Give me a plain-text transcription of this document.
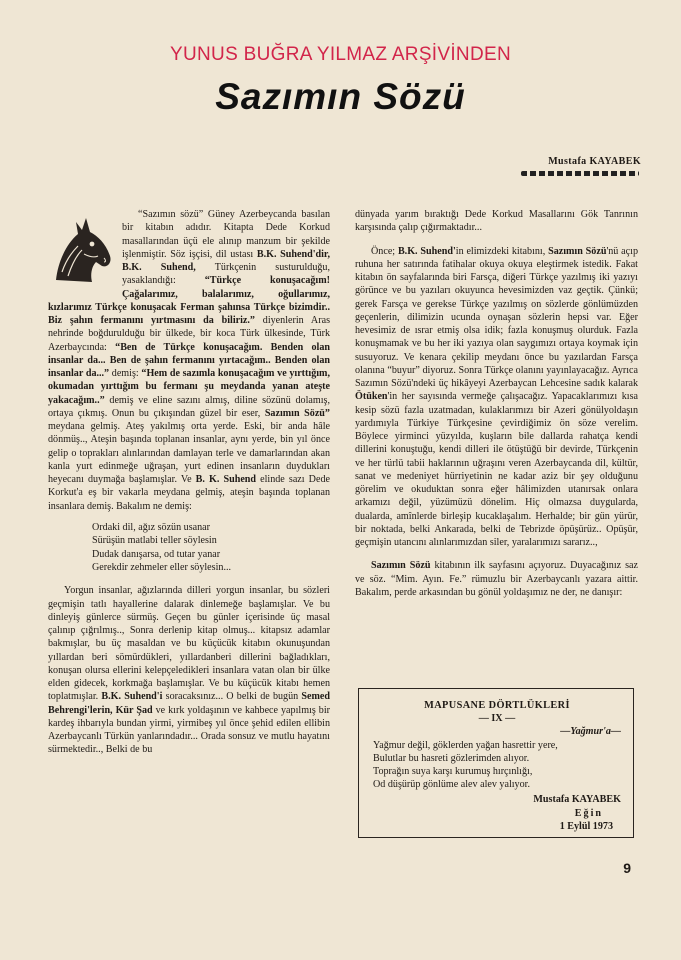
YUNUS BUĞRA YILMAZ ARŞİVİNDEN
Sazımın Sözü
Mustafa KAYABEK

“Sazımın sözü” Güney Azerbeycanda basılan bir kitabın adıdır. Kitapta Dede Korkud masallarından üçü ele alınıp manzum bir şekilde işlenmiştir. Söz işçisi, dil ustası B.K. Suhend'dir, B.K. Suhend, Türkçenin susturulduğu, yasaklandığı: “Türkçe konuşacağım! Çağalarımız, balalarımız, oğullarımız, kızlarımız Türkçe konuşacak Ferman şahınsa Türkçe bizimdir.. Biz şahın fermanını yırtmasını da biliriz.” diyenlerin Aras nehrinde boğdurulduğu bir ülkede, bir koca Türk ülkesinde, Türk Azerbaycında: “Ben de Türkçe konuşacağım. Benden olan insanlar da... Ben de şahın fermanını yırtacağım.. Benden olan insanlar da...” demiş: “Hem de sazımla konuşacağım ve yırttığım, okumadan yırttığım bu fermanı şu meydanda yanan ateşte yakacağım..” demiş ve eline sazını almış, diline sözünü dolamış, ortaya çıkmış. Onun bu çıkışından güzel bir eser, Sazımın Sözü” meydana gelmiş. Ateş yakılmış orta yerde. Eski, bir anda hâle dönmüş.., Ateşin başında toplanan insanlar, aynı yerde, bin yıl önce gelip o toprakları alınlarından damlayan terle ve damarlarından akan kanla yurt edinmeğe uğraşan, yurt edinen insanların duydukları heyecanı duymağa başlamışlar. Ve B. K. Suhend elinde sazı Dede Korkut'a eş bir vakarla meydana gelmiş, ateşin başında toplanan insanlara demiş. Bakalım ne demiş:

Ordaki dil, ağız sözün usanar
Sürüşün matlabi teller söylesin
Dudak danışarsa, od tutar yanar
Gerekdir zehmeler eller söylesin...

Yorgun insanlar, ağızlarında dilleri yorgun insanlar, bu sözleri geçmişin tatlı hayallerine dalarak dinlemeğe başlamışlar. Ve bu dinleyiş günlerce sürmüş. Geçen bu günler içerisinde üç masal çalınıp çığrılmış.., Sonra derlenip kitap olmuş... kitapsız adamlar bakmışlar, bu üç masaldan ve bu küçücük kitabın okunuşundan yıllardan beri sömürdükleri, yıllardanberi dillerini bağladıkları, konuşan olursa ellerini kelepçeledikleri insanlara vatan olan bir ülke elden gidecek, korkmağa başlamışlar. Ve bu küçücük kitabı hemen toplatmışlar. B.K. Suhend'i soracaksınız... O belki de bugün Semed Behrengi'lerin, Kür Şad ve kırk yoldaşının ve kahbece yapılmış bir kardeş ihbarıyla bundan yirmi, yirmibeş yıl önce şehid edilen ellibin Azerbaycanlı Türkün yanlarındadır... Orada sonsuz ve mutlu hayatını sürmektedir.., Belki de bu

dünyada yarım bıraktığı Dede Korkud Masallarını Gök Tanrının karşısında çalıp çığırmaktadır...

Önce; B.K. Suhend'in elimizdeki kitabını, Sazımın Sözü'nü açıp ruhuna her satırında fatihalar okuya okuya eleştirmek istedik. Fakat kitabın ön sayfalarında biri Farsça, diğeri Türkçe yazılmış iki yazıyı görünce ve bu yazıları okuyunca hevesimizden vaz geçtik. Çünkü; gerek Farsça ve gerekse Türkçe yazılmış on sözlerde gönlümüzden geçenlerin, dilimizin ucunda oynaşan sözlerin hepsi var. Eğer hevesimiz de ısrar etmiş olsa idik; fazla konuşmuş olurduk. Fazla konuşmamak ve bu her iki yazıya olan saygımızı ortaya koymak için susuyoruz. Ve kenara çekilip meydanı önce bu yazılardan Farsça olanına “buyur” diyoruz. Sonra Türkçe olanını yayınlayacağız. Ayrıca Sazımın Sözü'ndeki üç hikâyeyi Azerbaycan Lehcesine sadık kalarak Ötüken'in her sayısında vermeğe çalışacağız. Yapacaklarımızı kısa kesip sözü fazla uzatmadan, kulaklarımızı bir Azeri gönülyoldaşın yardımıyla Türkiye Türkçesine çevirdiğimiz ön söze verelim. Böylece yirminci yüzyılda, kuşların bile dallarda rahatça kendi dillerini konuştuğu, kendi dilleri ile ötüştüğü bir devirde, Türkçenin ve her türlü tabii haklarının uğraşını veren Azerbaycanda dil, kültür, sanat ve medeniyet hürriyetinin ne kadar aziz bir şey olduğunu görelim ve okuduktan sonra eğer hâlimizden utanırsak onlara arkamızı değil, yüzümüzü dönelim. Hiç olmazsa duygularda, dualarda, amînlerde birleşip kucaklaşalım. Herhalde; bir gün yürür, bir noktada, belki Ankarada, belki de Tebrizde öpüşürüz.. Opüşür, geçmişin utancını alınlarımızdan siler, yaralarımızı sararız..,

Sazımın Sözü kitabının ilk sayfasını açıyoruz. Duyacağınız saz ve söz. “Mim. Ayın. Fe.” rümuzlu bir Azerbaycanlı yazara aittir. Bakalım, perde arkasından bu gönül yoldaşımız ne der, ne danışır:

MAPUSANE DÖRTLÜKLERİ
— IX —
—Yağmur'a—
Yağmur değil, göklerden yağan hasrettir yere,
Bulutlar bu hasreti gözlerimden alıyor.
Toprağın suya karşı kurumuş hırçınlığı,
Od düşürüp gönlüme alev alev yalıyor.
Mustafa KAYABEK
Eğin
1 Eylül 1973
9
